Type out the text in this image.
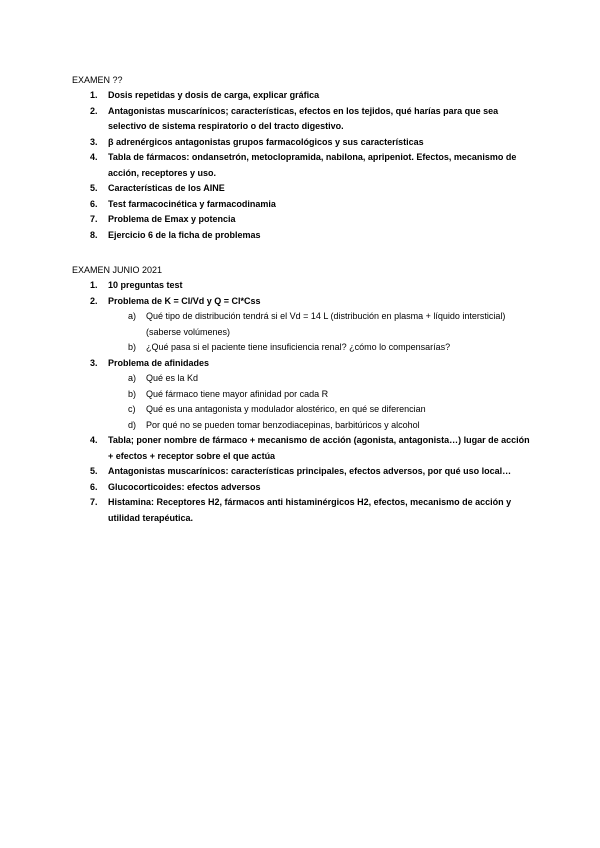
EXAMEN ??
1. Dosis repetidas y dosis de carga, explicar gráfica
2. Antagonistas muscarínicos; características, efectos en los tejidos, qué harías para que sea selectivo de sistema respiratorio o del tracto digestivo.
3. β adrenérgicos antagonistas grupos farmacológicos y sus características
4. Tabla de fármacos: ondansetrón, metoclopramida, nabilona, apripeniot. Efectos, mecanismo de acción, receptores y uso.
5. Características de los AINE
6. Test farmacocinética y farmacodinamia
7. Problema de Emax y potencia
8. Ejercicio 6 de la ficha de problemas
EXAMEN JUNIO 2021
1. 10 preguntas test
2. Problema de K = Cl/Vd y Q = Cl*Css
a) Qué tipo de distribución tendrá si el Vd = 14 L (distribución en plasma + líquido intersticial) (saberse volúmenes)
b) ¿Qué pasa si el paciente tiene insuficiencia renal? ¿cómo lo compensarías?
3. Problema de afinidades
a) Qué es la Kd
b) Qué fármaco tiene mayor afinidad por cada R
c) Qué es una antagonista y modulador alostérico, en qué se diferencian
d) Por qué no se pueden tomar benzodiacepinas, barbitúricos y alcohol
4. Tabla; poner nombre de fármaco + mecanismo de acción (agonista, antagonista…) lugar de acción + efectos + receptor sobre el que actúa
5. Antagonistas muscarínicos: características principales, efectos adversos, por qué uso local…
6. Glucocorticoides: efectos adversos
7. Histamina: Receptores H2, fármacos anti histaminérgicos H2, efectos, mecanismo de acción y utilidad terapéutica.
